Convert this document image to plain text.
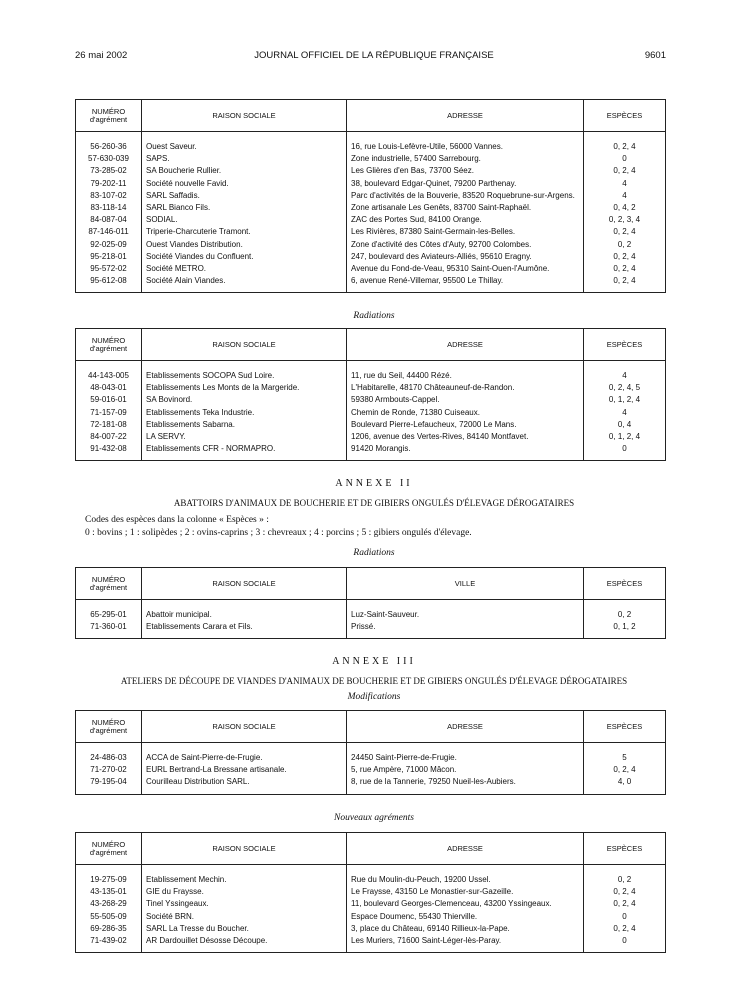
26 mai 2002	JOURNAL OFFICIEL DE LA RÉPUBLIQUE FRANÇAISE	9601
NUMÉRO
d'agrément	RAISON SOCIALE	ADRESSE	ESPÈCES
56-260-36	Ouest Saveur.	16, rue Louis-Lefèvre-Utile, 56000 Vannes.	0, 2, 4
57-630-039	SAPS.	Zone industrielle, 57400 Sarrebourg.	0
73-285-02	SA Boucherie Rullier.	Les Glières d'en Bas, 73700 Séez.	0, 2, 4
79-202-11	Société nouvelle Favid.	38, boulevard Edgar-Quinet, 79200 Parthenay.	4
83-107-02	SARL Saffadis.	Parc d'activités de la Bouverie, 83520 Roquebrune-sur-Argens.	4
83-118-14	SARL Bianco Fils.	Zone artisanale Les Genêts, 83700 Saint-Raphaël.	0, 4, 2
84-087-04	SODIAL.	ZAC des Portes Sud, 84100 Orange.	0, 2, 3, 4
87-146-011	Triperie-Charcuterie Tramont.	Les Rivières, 87380 Saint-Germain-les-Belles.	0, 2, 4
92-025-09	Ouest Viandes Distribution.	Zone d'activité des Côtes d'Auty, 92700 Colombes.	0, 2
95-218-01	Société Viandes du Confluent.	247, boulevard des Aviateurs-Alliés, 95610 Eragny.	0, 2, 4
95-572-02	Société METRO.	Avenue du Fond-de-Veau, 95310 Saint-Ouen-l'Aumône.	0, 2, 4
95-612-08	Société Alain Viandes.	6, avenue René-Villemar, 95500 Le Thillay.	0, 2, 4
Radiations
NUMÉRO
d'agrément	RAISON SOCIALE	ADRESSE	ESPÈCES
44-143-005	Etablissements SOCOPA Sud Loire.	11, rue du Seil, 44400 Rézé.	4
48-043-01	Etablissements Les Monts de la Margeride.	L'Habitarelle, 48170 Châteauneuf-de-Randon.	0, 2, 4, 5
59-016-01	SA Bovinord.	59380 Armbouts-Cappel.	0, 1, 2, 4
71-157-09	Etablissements Teka Industrie.	Chemin de Ronde, 71380 Cuiseaux.	4
72-181-08	Etablissements Sabarna.	Boulevard Pierre-Lefaucheux, 72000 Le Mans.	0, 4
84-007-22	LA SERVY.	1206, avenue des Vertes-Rives, 84140 Montfavet.	0, 1, 2, 4
91-432-08	Etablissements CFR - NORMAPRO.	91420 Morangis.	0
ANNEXE II
ABATTOIRS D'ANIMAUX DE BOUCHERIE ET DE GIBIERS ONGULÉS D'ÉLEVAGE DÉROGATAIRES
Codes des espèces dans la colonne « Espèces » :
0 : bovins ; 1 : solipèdes ; 2 : ovins-caprins ; 3 : chevreaux ; 4 : porcins ; 5 : gibiers ongulés d'élevage.
Radiations
NUMÉRO
d'agrément	RAISON SOCIALE	VILLE	ESPÈCES
65-295-01	Abattoir municipal.	Luz-Saint-Sauveur.	0, 2
71-360-01	Etablissements Carara et Fils.	Prissé.	0, 1, 2
ANNEXE III
ATELIERS DE DÉCOUPE DE VIANDES D'ANIMAUX DE BOUCHERIE ET DE GIBIERS ONGULÉS D'ÉLEVAGE DÉROGATAIRES
Modifications
NUMÉRO
d'agrément	RAISON SOCIALE	ADRESSE	ESPÈCES
24-486-03	ACCA de Saint-Pierre-de-Frugie.	24450 Saint-Pierre-de-Frugie.	5
71-270-02	EURL Bertrand-La Bressane artisanale.	5, rue Ampère, 71000 Mâcon.	0, 2, 4
79-195-04	Courilleau Distribution SARL.	8, rue de la Tannerie, 79250 Nueil-les-Aubiers.	4, 0
Nouveaux agréments
NUMÉRO
d'agrément	RAISON SOCIALE	ADRESSE	ESPÈCES
19-275-09	Etablissement Mechin.	Rue du Moulin-du-Peuch, 19200 Ussel.	0, 2
43-135-01	GIE du Fraysse.	Le Fraysse, 43150 Le Monastier-sur-Gazeille.	0, 2, 4
43-268-29	Tinel Yssingeaux.	11, boulevard Georges-Clemenceau, 43200 Yssingeaux.	0, 2, 4
55-505-09	Société BRN.	Espace Doumenc, 55430 Thierville.	0
69-286-35	SARL La Tresse du Boucher.	3, place du Château, 69140 Rillieux-la-Pape.	0, 2, 4
71-439-02	AR Dardouillet Désosse Découpe.	Les Muriers, 71600 Saint-Léger-lès-Paray.	0
